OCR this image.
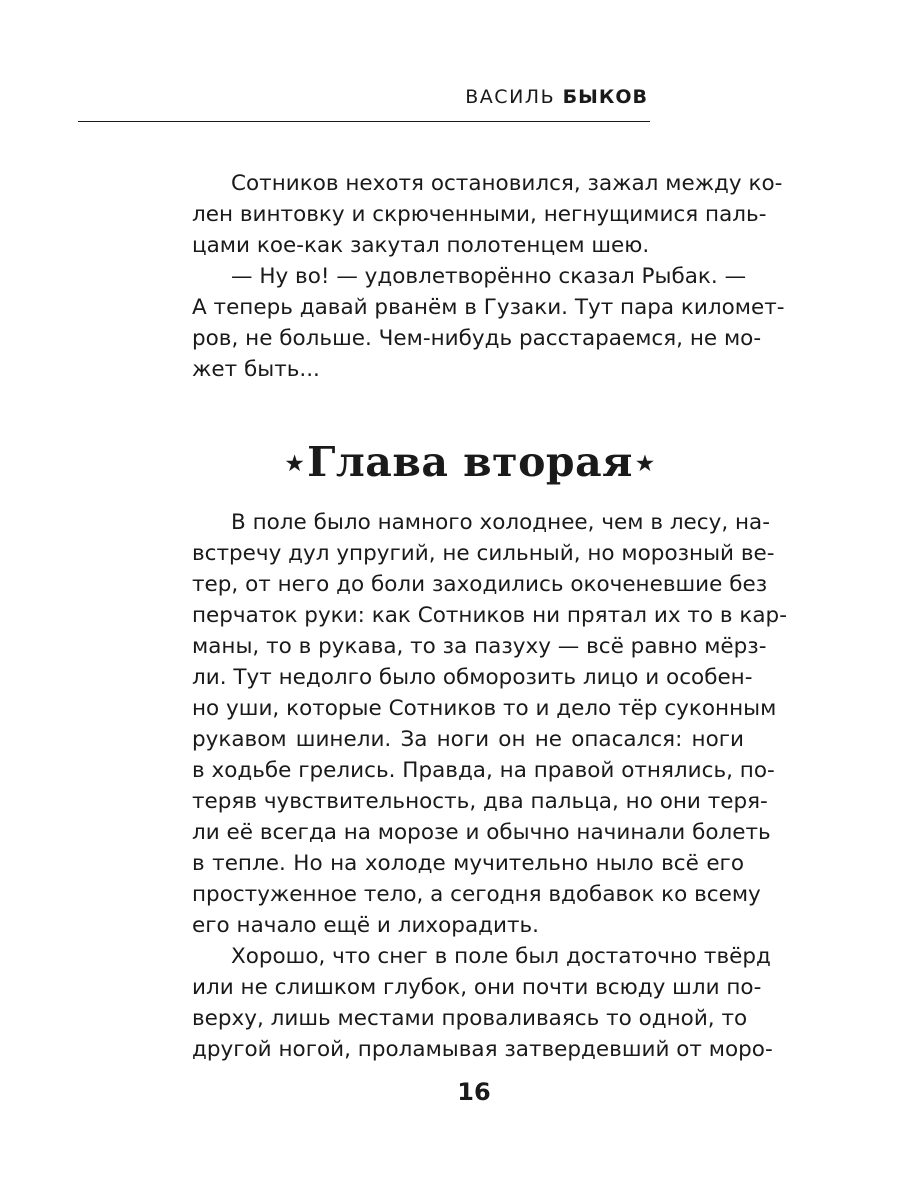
ВАСИЛЬ БЫКОВ
Сотников нехотя остановился, зажал между ко-
лен винтовку и скрюченными, негнущимися паль-
цами кое-как закутал полотенцем шею.
— Ну во! — удовлетворённо сказал Рыбак. —
А теперь давай рванём в Гузаки. Тут пара километ-
ров, не больше. Чем-нибудь расстараемся, не мо-
жет быть...
★Глава вторая ★
В поле было намного холоднее, чем в лесу, на-
встречу дул упругий, не сильный, но морозный ве-
тер, от него до боли заходились окоченевшие без
перчаток руки: как Сотников ни прятал их то в кар-
маны, то в рукава, то за пазуху — всё равно мёрз-
ли. Тут недолго было обморозить лицо и особен-
но уши, которые Сотников то и дело тёр суконным
рукавом шинели. За ноги он не опасался: ноги
в ходьбе грелись. Правда, на правой отнялись, по-
теряв чувствительность, два пальца, но они теря-
ли её всегда на морозе и обычно начинали болеть
в тепле. Но на холоде мучительно ныло всё его
простуженное тело, а сегодня вдобавок ко всему
его начало ещё и лихорадить.
Хорошо, что снег в поле был достаточно твёрд
или не слишком глубок, они почти всюду шли по-
верху, лишь местами проваливаясь то одной, то
другой ногой, проламывая затвердевший от моро-
16
